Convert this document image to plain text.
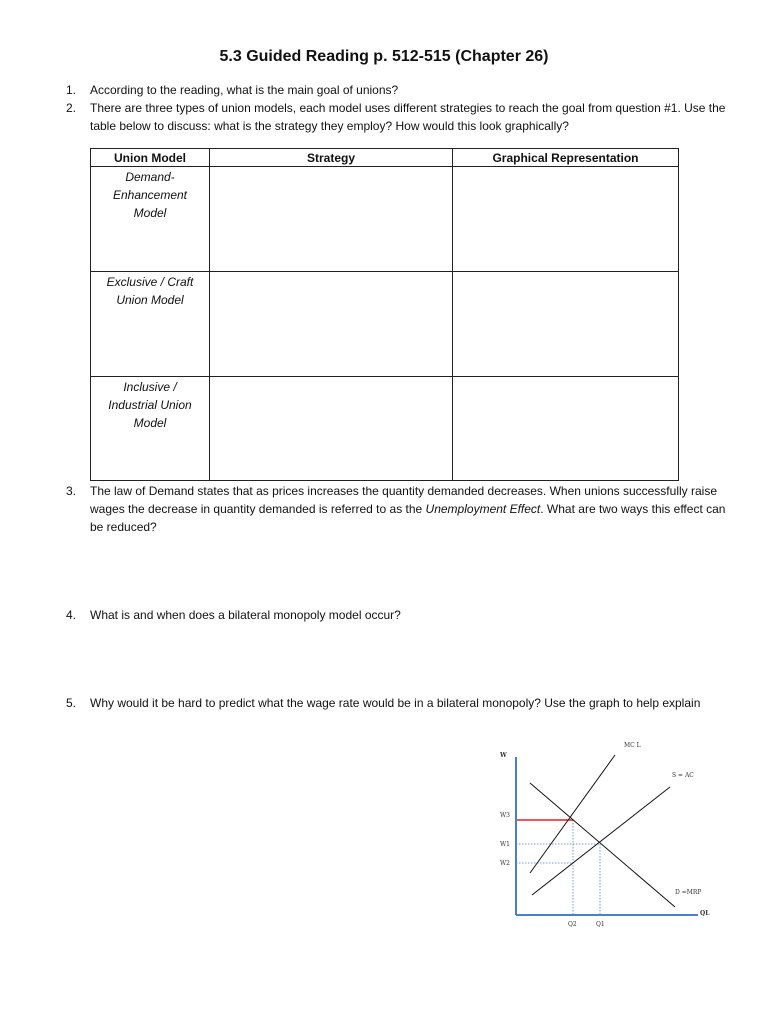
5.3 Guided Reading p. 512-515 (Chapter 26)
1. According to the reading, what is the main goal of unions?
2. There are three types of union models, each model uses different strategies to reach the goal from question #1. Use the table below to discuss: what is the strategy they employ? How would this look graphically?
Union Model	Strategy	Graphical Representation

Demand-
Enhancement
Model		

Exclusive / Craft
Union Model		

Inclusive /
Industrial Union
Model		

3. The law of Demand states that as prices increases the quantity demanded decreases. When unions successfully raise wages the decrease in quantity demanded is referred to as the Unemployment Effect. What are two ways this effect can be reduced?
4. What is and when does a bilateral monopoly model occur?
5. Why would it be hard to predict what the wage rate would be in a bilateral monopoly? Use the graph to help explain
W
QL
MC L
S = AC
D =MRP
W3
W1
W2
Q2	Q1
